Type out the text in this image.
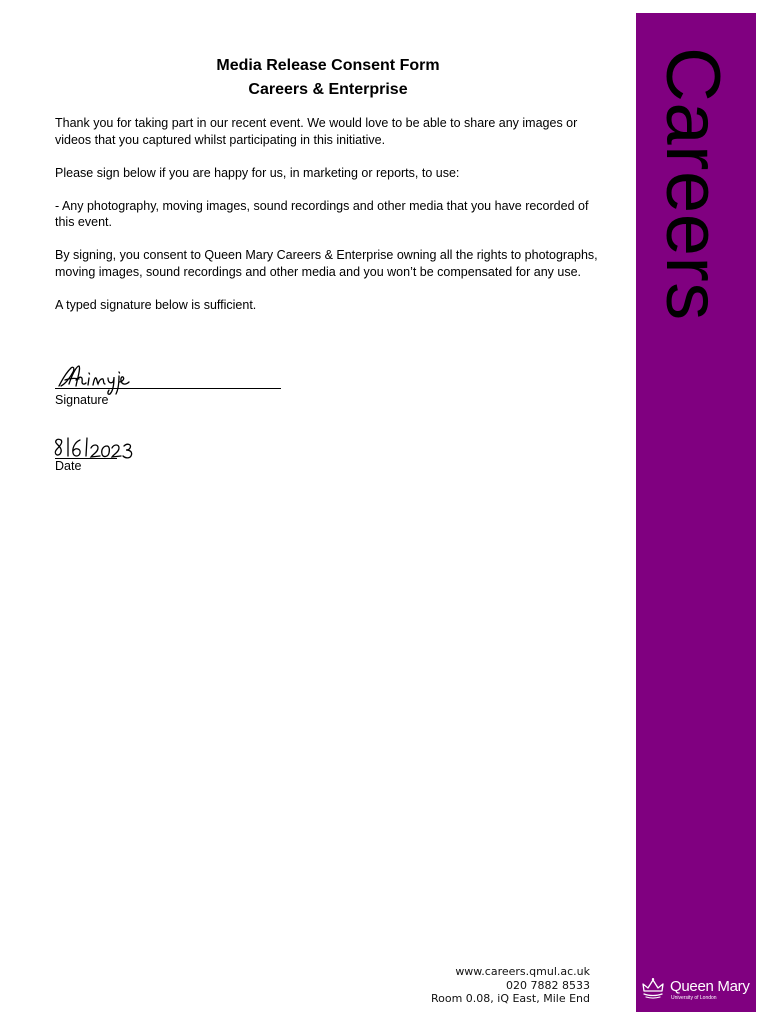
Media Release Consent Form
Careers & Enterprise

Thank you for taking part in our recent event. We would love to be able to share any images or videos that you captured whilst participating in this initiative.

Please sign below if you are happy for us, in marketing or reports, to use:

- Any photography, moving images, sound recordings and other media that you have recorded of this event.

By signing, you consent to Queen Mary Careers & Enterprise owning all the rights to photographs, moving images, sound recordings and other media and you won’t be compensated for any use.

A typed signature below is sufficient.

Signature
Date
www.careers.qmul.ac.uk
020 7882 8533
Room 0.08, iQ East, Mile End
Careers
Queen Mary
University of London
